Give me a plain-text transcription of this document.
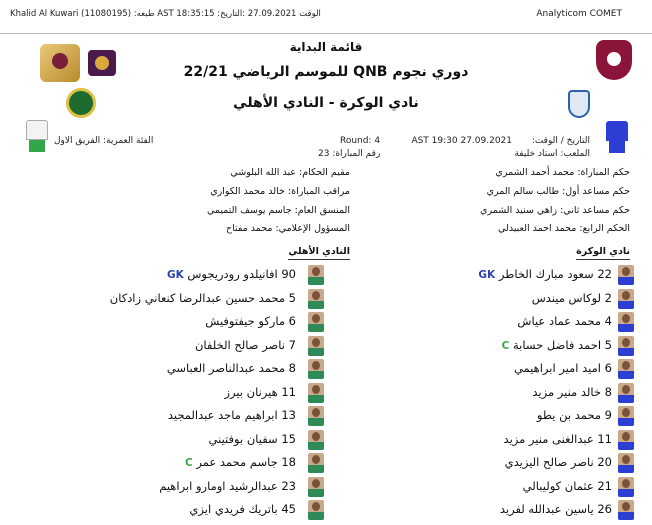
Khalid Al Kuwari (11080195) :طبعه AST 18:35:15 :الوقت 27.09.2021 :التاريخ	Analyticom COMET
قائمة البداية
دوري نجوم QNB للموسم الرياضي 22/21
نادي الوكرة - النادي الأهلي
التاريخ / الوقت:
AST 19:30 27.09.2021
الملعب: استاد خليفة
Round: 4
رقم المباراة: 23
الفئة العمرية: الفريق الاول
حكم المباراة: محمد أحمد الشمري
حكم مساعد أول: طالب سالم المري
حكم مساعد ثاني: زاهي سنيد الشمري
الحكم الرابع: محمد احمد العبيدلي
مقيم الحكام: عبد الله البلوشي
مراقب المباراة: خالد محمد الكواري
المنسق العام: جاسم يوسف التميمي
المسؤول الإعلامي: محمد مفتاح
نادي الوكرة
النادي الأهلي
22 سعود مبارك الخاطر GK
2 لوكاس ميندس
4 محمد عماد عياش
5 احمد فاضل حسابة C
6 اميد امير ابراهيمي
8 خالد منير مزيد
9 محمد بن يطو
11 عبدالغنى منير مزيد
20 ناصر صالح اليزيدي
21 عثمان كوليبالي
26 ياسين عبدالله لفريد
90 افانيلدو رودريجوس GK
5 محمد حسين عبدالرضا كنعاني زادكان
6 ماركو جيفتوفيش
7 ناصر صالح الخلفان
8 محمد عبدالناصر العباسي
11 هيرنان بيرز
13 ابراهيم ماجد عبدالمجيد
15 سفيان بوفتيني
18 جاسم محمد عمر C
23 عبدالرشيد اومارو ابراهيم
45 باتريك فريدي ايزي
